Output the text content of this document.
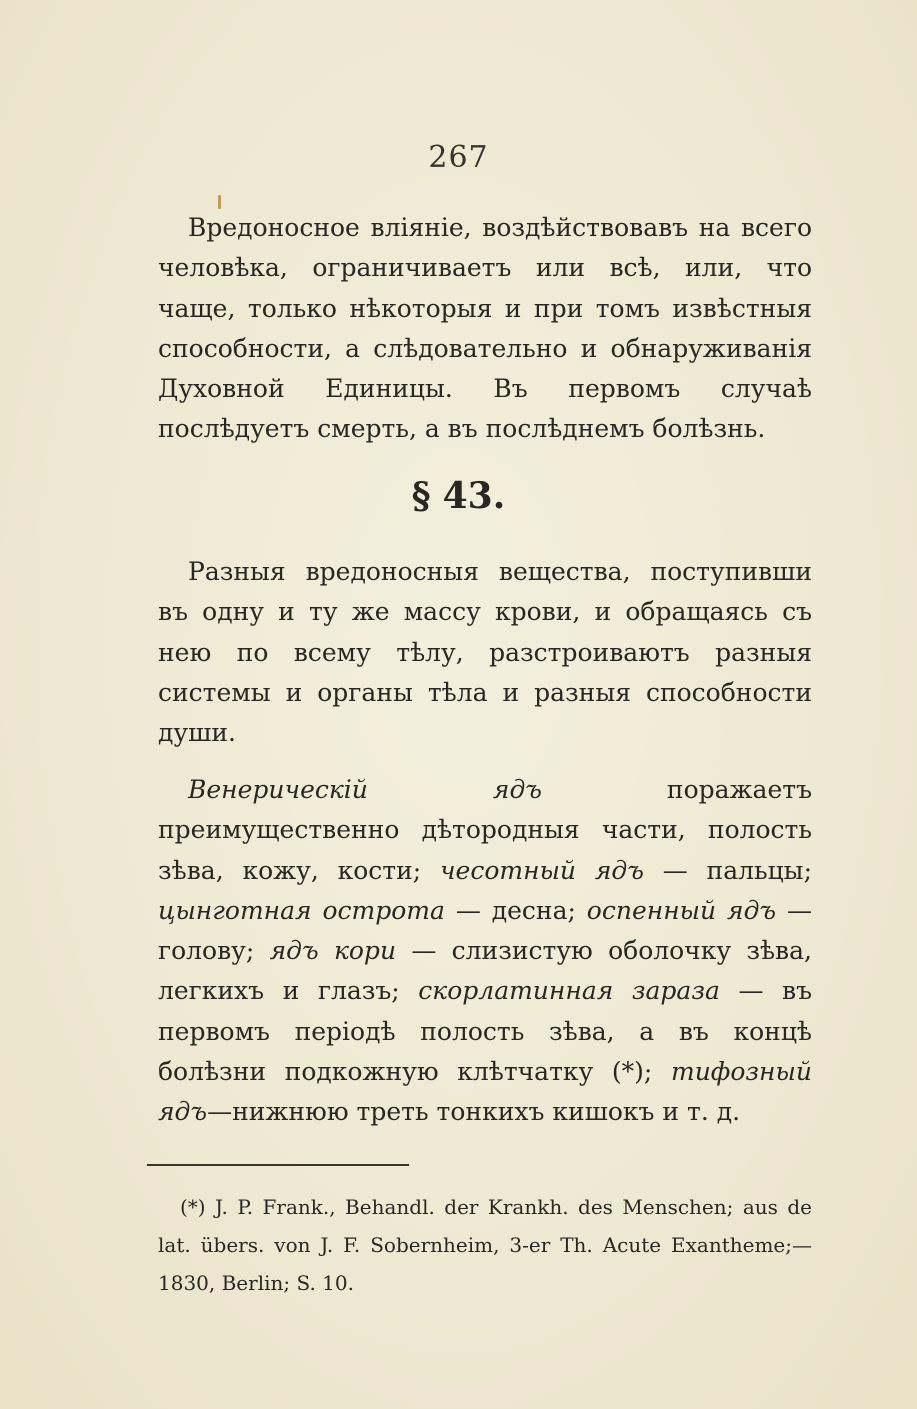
267

Вредоносное вліяніе, воздѣйствовавъ на всего человѣка, ограничиваетъ или всѣ, или, что чаще, только нѣкоторыя и при томъ извѣстныя способности, а слѣдовательно и обнаруживанія Духовной Единицы. Въ первомъ случаѣ послѣдуетъ смерть, а въ послѣднемъ болѣзнь.

§ 43.

Разныя вредоносныя вещества, поступивши въ одну и ту же массу крови, и обращаясь съ нею по всему тѣлу, разстроиваютъ разныя системы и органы тѣла и разныя способности души.

Венерическій ядъ поражаетъ преимущественно дѣтородныя части, полость зѣва, кожу, кости; чесотный ядъ — пальцы; цынготная острота — десна; оспенный ядъ — голову; ядъ кори — слизистую оболочку зѣва, легкихъ и глазъ; скорлатинная зараза — въ первомъ періодѣ полость зѣва, а въ концѣ болѣзни подкожную клѣтчатку (*); тифозный ядъ—нижнюю треть тонкихъ кишокъ и т. д.

(*) J. P. Frank., Behandl. der Krankh. des Menschen; aus de lat. übers. von J. F. Sobernheim, 3-er Th. Acute Exantheme;—1830, Berlin; S. 10.
